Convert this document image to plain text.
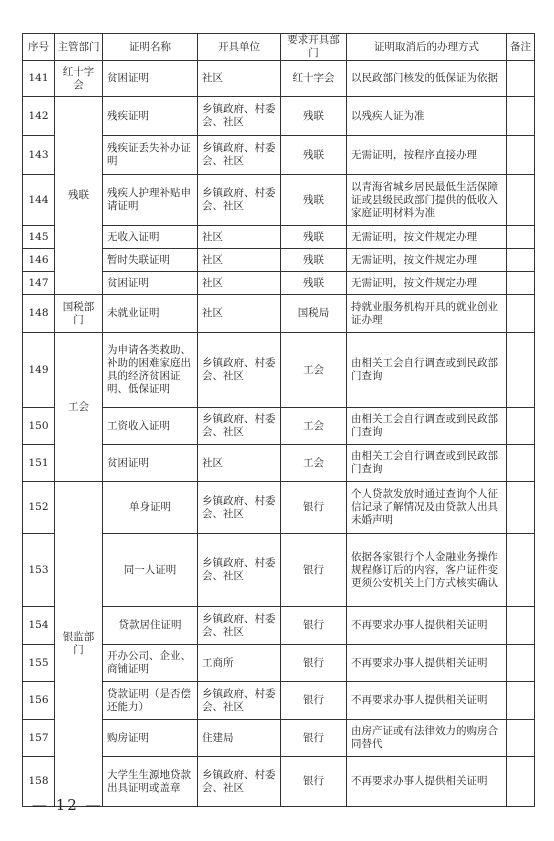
序号	主管部门	证明名称	开具单位	要求开具部门	证明取消后的办理方式	备注
141	红十字会	贫困证明	社区	红十字会	以民政部门核发的低保证为依据	
142	残联	残疾证明	乡镇政府、村委会、社区	残联	以残疾人证为准	
143		残疾证丢失补办证明	乡镇政府、村委会、社区	残联	无需证明，按程序直接办理	
144		残疾人护理补贴申请证明	乡镇政府、村委会、社区	残联	以青海省城乡居民最低生活保障证或县级民政部门提供的低收入家庭证明材料为准	
145		无收入证明	社区	残联	无需证明，按文件规定办理	
146		暂时失联证明	社区	残联	无需证明，按文件规定办理	
147		贫困证明	社区	残联	无需证明，按文件规定办理	
148	国税部门	未就业证明	社区	国税局	持就业服务机构开具的就业创业证办理	
149	工会	为申请各类救助、补助的困难家庭出具的经济贫困证明、低保证明	乡镇政府、村委会、社区	工会	由相关工会自行调查或到民政部门查询	
150		工资收入证明	乡镇政府、村委会、社区	工会	由相关工会自行调查或到民政部门查询	
151		贫困证明	社区	工会	由相关工会自行调查或到民政部门查询	
152	银监部门	单身证明	乡镇政府、村委会、社区	银行	个人贷款发放时通过查询个人征信记录了解情况及由贷款人出具未婚声明	
153		同一人证明	乡镇政府、村委会、社区	银行	依据各家银行个人金融业务操作规程修订后的内容，客户证件变更须公安机关上门方式核实确认	
154		贷款居住证明	乡镇政府、村委会、社区	银行	不再要求办事人提供相关证明	
155		开办公司、企业、商铺证明	工商所	银行	不再要求办事人提供相关证明	
156		贷款证明（是否偿还能力）	乡镇政府、村委会、社区	银行	不再要求办事人提供相关证明	
157		购房证明	住建局	银行	由房产证或有法律效力的购房合同替代	
158		大学生生源地贷款出具证明或盖章	乡镇政府、村委会、社区	银行	不再要求办事人提供相关证明	
— 12 —
